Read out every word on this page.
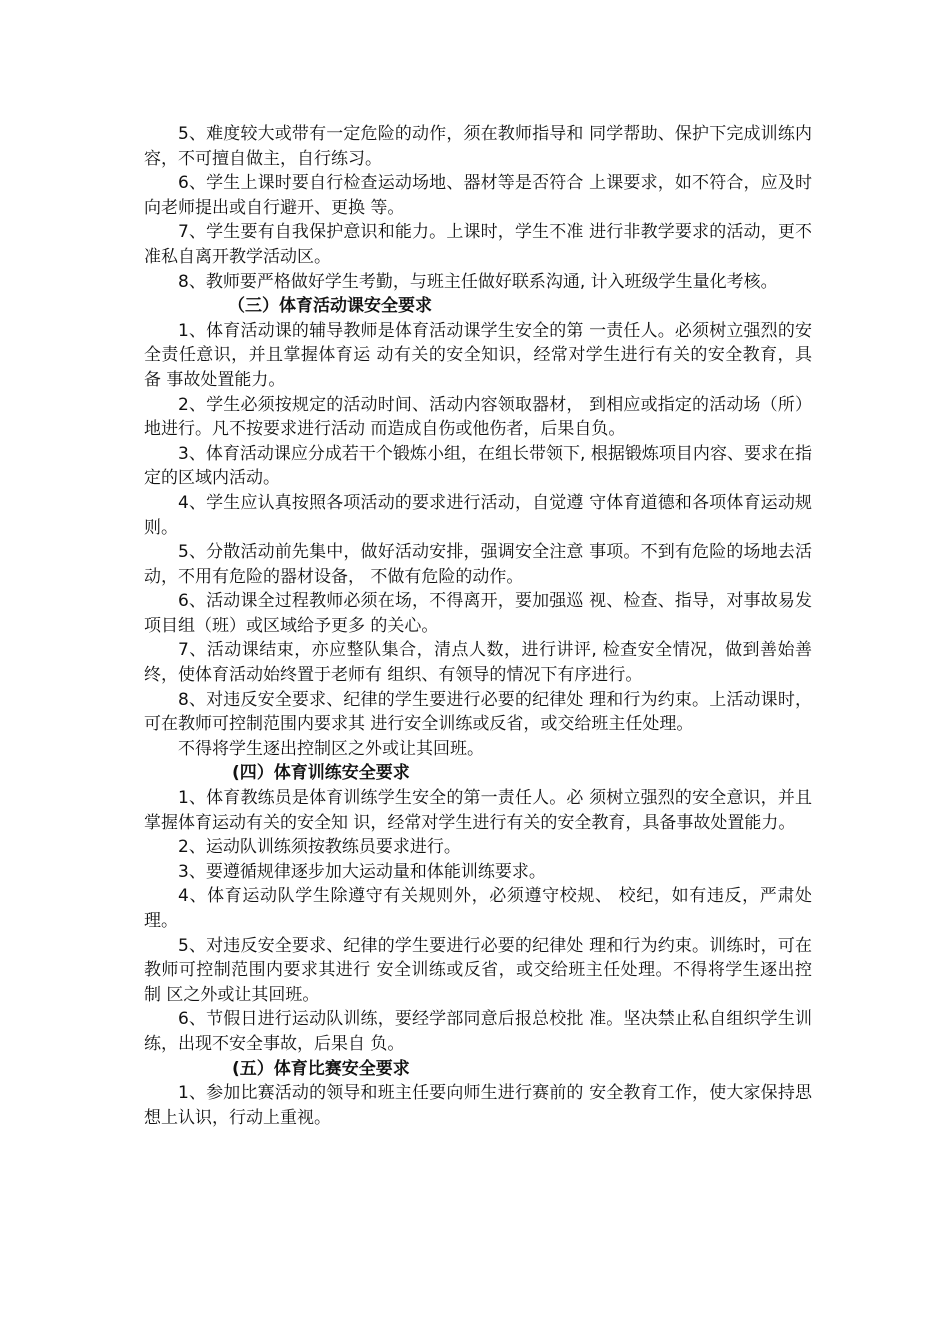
5、难度较大或带有一定危险的动作，须在教师指导和 同学帮助、保护下完成训练内容，不可擅自做主，自行练习。

6、学生上课时要自行检查运动场地、器材等是否符合 上课要求，如不符合，应及时向老师提出或自行避开、更换 等。

7、学生要有自我保护意识和能力。上课时，学生不准 进行非教学要求的活动，更不准私自离开教学活动区。

8、教师要严格做好学生考勤，与班主任做好联系沟通, 计入班级学生量化考核。

（三）体育活动课安全要求

1、体育活动课的辅导教师是体育活动课学生安全的第 一责任人。必须树立强烈的安全责任意识，并且掌握体育运 动有关的安全知识，经常对学生进行有关的安全教育，具备 事故处置能力。

2、学生必须按规定的活动时间、活动内容领取器材， 到相应或指定的活动场（所）地进行。凡不按要求进行活动 而造成自伤或他伤者，后果自负。

3、体育活动课应分成若干个锻炼小组，在组长带领下, 根据锻炼项目内容、要求在指定的区域内活动。

4、学生应认真按照各项活动的要求进行活动，自觉遵 守体育道德和各项体育运动规则。

5、分散活动前先集中，做好活动安排，强调安全注意 事项。不到有危险的场地去活动，不用有危险的器材设备， 不做有危险的动作。

6、活动课全过程教师必须在场，不得离开，要加强巡 视、检查、指导，对事故易发项目组（班）或区域给予更多 的关心。

7、活动课结束，亦应整队集合，清点人数，进行讲评, 检查安全情况，做到善始善终，使体育活动始终置于老师有 组织、有领导的情况下有序进行。

8、对违反安全要求、纪律的学生要进行必要的纪律处 理和行为约束。上活动课时，可在教师可控制范围内要求其 进行安全训练或反省，或交给班主任处理。

不得将学生逐出控制区之外或让其回班。

(四）体育训练安全要求

1、体育教练员是体育训练学生安全的第一责任人。必 须树立强烈的安全意识，并且掌握体育运动有关的安全知 识，经常对学生进行有关的安全教育，具备事故处置能力。

2、运动队训练须按教练员要求进行。

3、要遵循规律逐步加大运动量和体能训练要求。

4、体育运动队学生除遵守有关规则外，必须遵守校规、 校纪，如有违反，严肃处理。

5、对违反安全要求、纪律的学生要进行必要的纪律处 理和行为约束。训练时，可在教师可控制范围内要求其进行 安全训练或反省，或交给班主任处理。不得将学生逐出控制 区之外或让其回班。

6、节假日进行运动队训练，要经学部同意后报总校批 准。坚决禁止私自组织学生训练，出现不安全事故，后果自 负。

(五）体育比赛安全要求

1、参加比赛活动的领导和班主任要向师生进行赛前的 安全教育工作，使大家保持思想上认识，行动上重视。
